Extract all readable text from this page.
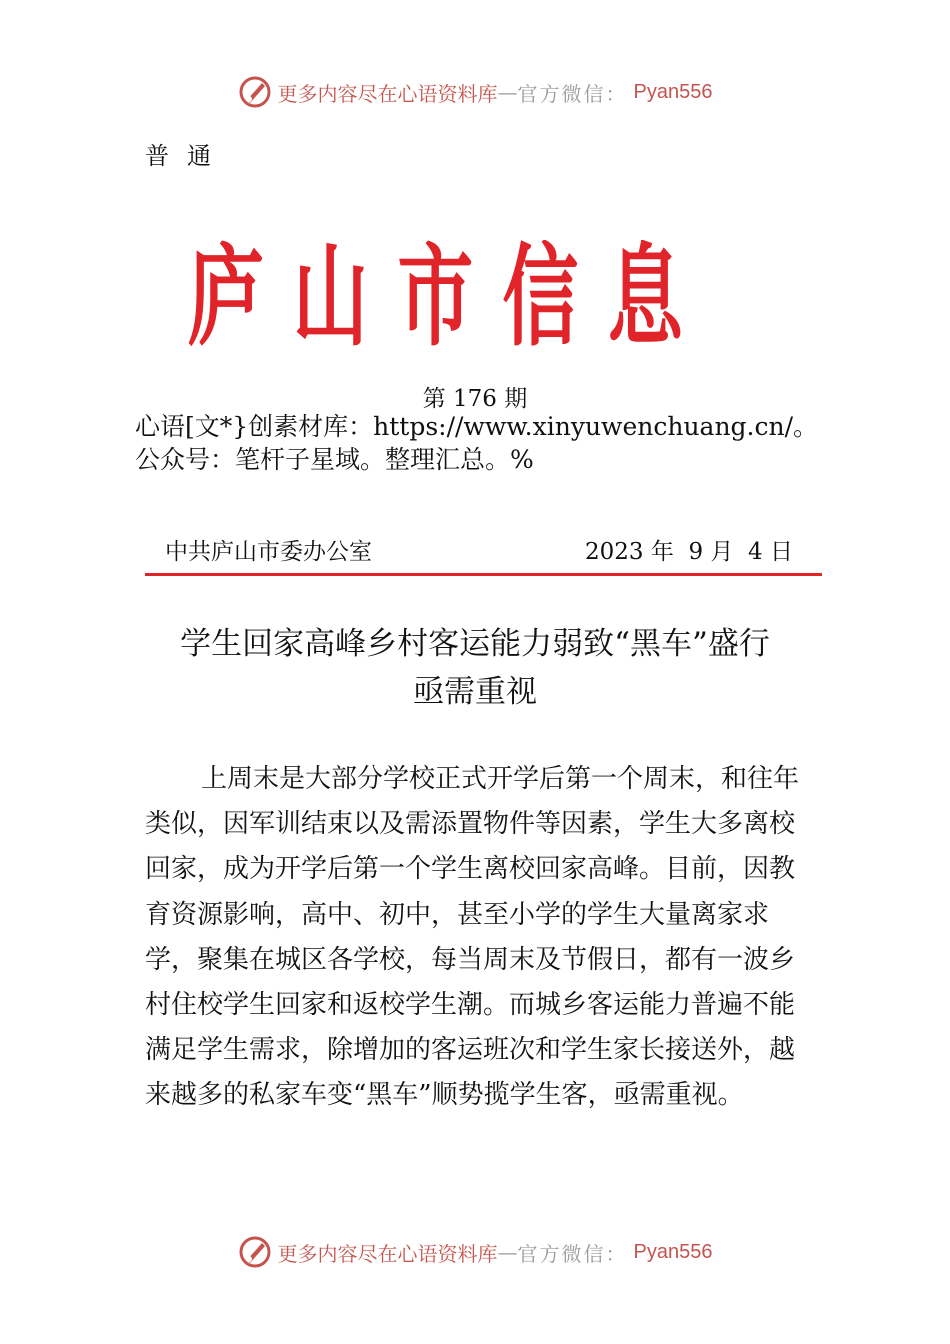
更多内容尽在心语资料库 — 官方微信： Pyan556
普通
庐山市信息
第 176 期
心语[文*}创素材库：https://www.xinyuwenchuang.cn/。公众号：笔杆子星域。整理汇总。%
中共庐山市委办公室	2023 年  9 月  4 日
学生回家高峰乡村客运能力弱致“黑车”盛行
亟需重视
上周末是大部分学校正式开学后第一个周末，和往年类似，因军训结束以及需添置物件等因素，学生大多离校回家，成为开学后第一个学生离校回家高峰。目前，因教育资源影响，高中、初中，甚至小学的学生大量离家求学，聚集在城区各学校，每当周末及节假日，都有一波乡村住校学生回家和返校学生潮。而城乡客运能力普遍不能满足学生需求，除增加的客运班次和学生家长接送外，越来越多的私家车变“黑车”顺势揽学生客，亟需重视。
更多内容尽在心语资料库 — 官方微信： Pyan556
